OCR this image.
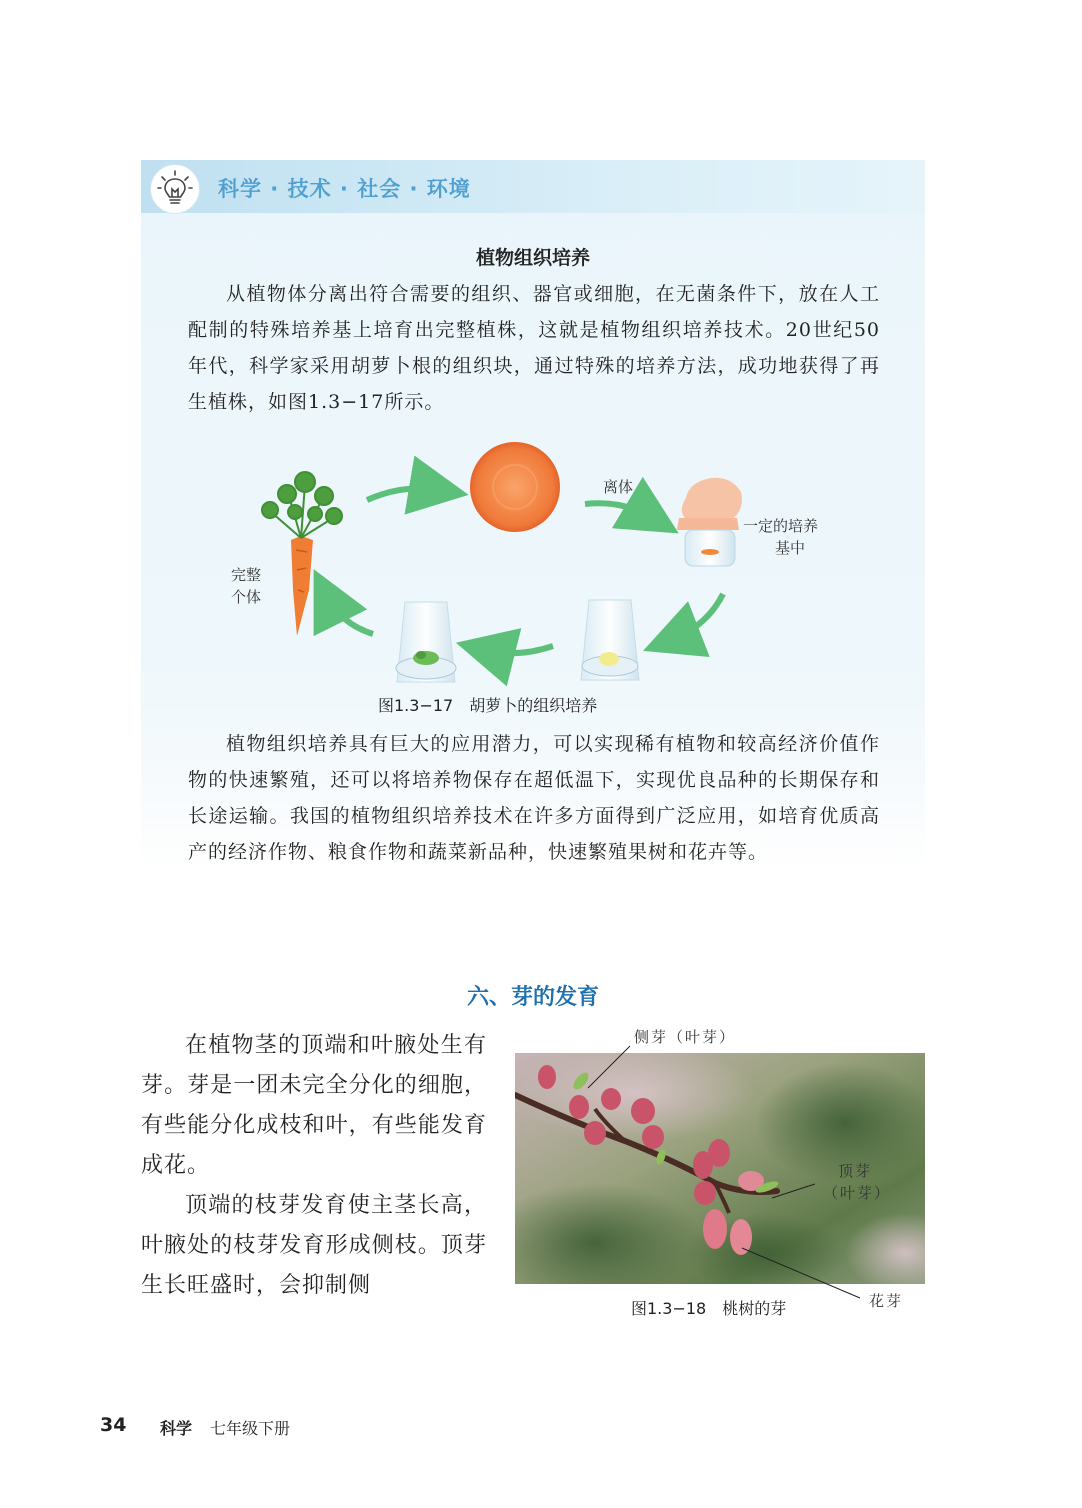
科学 · 技术 · 社会 · 环境
植物组织培养
从植物体分离出符合需要的组织、器官或细胞，在无菌条件下，放在人工配制的特殊培养基上培育出完整植株，这就是植物组织培养技术。20世纪50年代，科学家采用胡萝卜根的组织块，通过特殊的培养方法，成功地获得了再生植株，如图1.3−17所示。
离体
一定的培养
基中
完整
个体
图1.3−17　胡萝卜的组织培养
植物组织培养具有巨大的应用潜力，可以实现稀有植物和较高经济价值作物的快速繁殖，还可以将培养物保存在超低温下，实现优良品种的长期保存和长途运输。我国的植物组织培养技术在许多方面得到广泛应用，如培育优质高产的经济作物、粮食作物和蔬菜新品种，快速繁殖果树和花卉等。
六、芽的发育

在植物茎的顶端和叶腋处生有芽。芽是一团未完全分化的细胞，有些能分化成枝和叶，有些能发育成花。

顶端的枝芽发育使主茎长高，叶腋处的枝芽发育形成侧枝。顶芽生长旺盛时，会抑制侧

侧芽（叶芽）
顶芽
（叶芽）
花芽
图1.3−18　桃树的芽
34 科学 七年级下册
